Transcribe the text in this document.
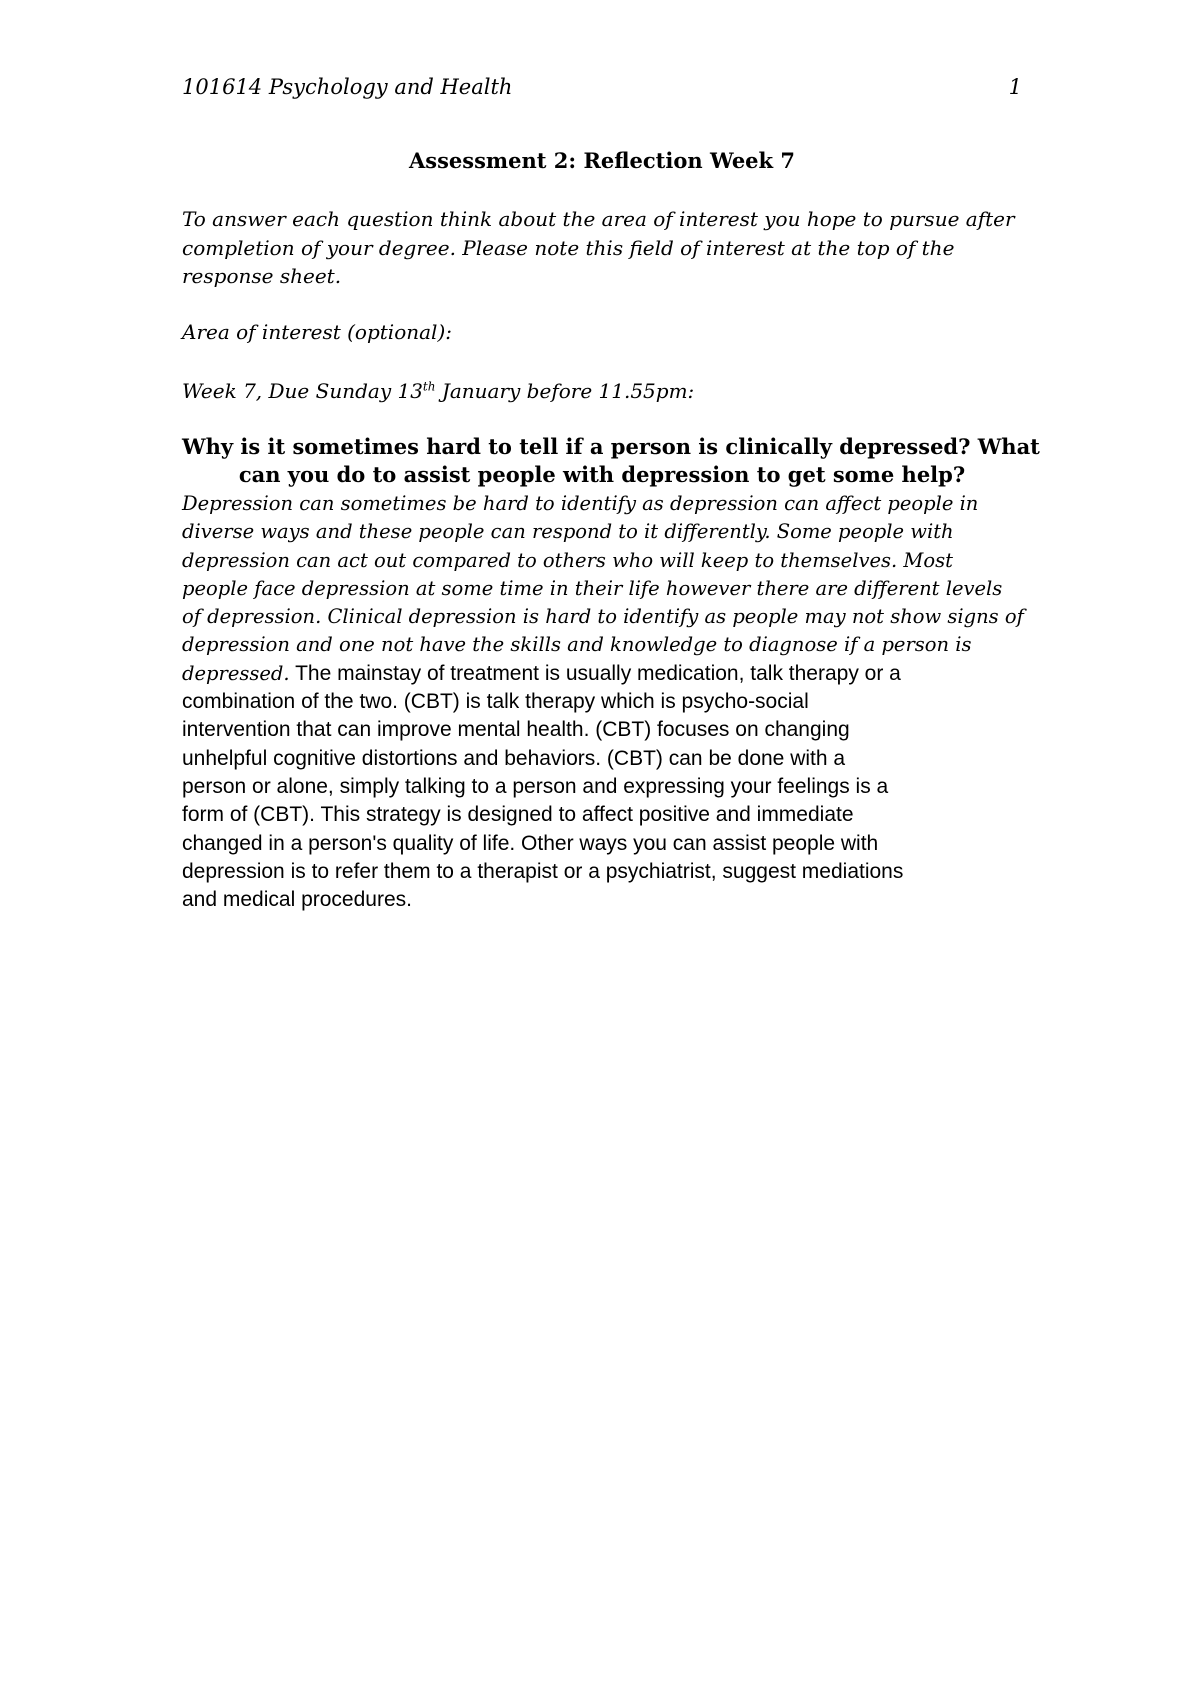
101614 Psychology and Health	1
Assessment 2: Reflection Week 7

To answer each question think about the area of interest you hope to pursue after
completion of your degree. Please note this field of interest at the top of the
response sheet.

Area of interest (optional):
Week 7, Due Sunday 13th January before 11.55pm:

Why is it sometimes hard to tell if a person is clinically depressed? What
can you do to assist people with depression to get some help?

Depression can sometimes be hard to identify as depression can affect people in
diverse ways and these people can respond to it differently. Some people with
depression can act out compared to others who will keep to themselves. Most
people face depression at some time in their life however there are different levels
of depression. Clinical depression is hard to identify as people may not show signs of
depression and one not have the skills and knowledge to diagnose if a person is
depressed. The mainstay of treatment is usually medication, talk therapy or a
combination of the two. (CBT) is talk therapy which is psycho-social
intervention that can improve mental health. (CBT) focuses on changing
unhelpful cognitive distortions and behaviors. (CBT) can be done with a
person or alone, simply talking to a person and expressing your feelings is a
form of (CBT). This strategy is designed to affect positive and immediate
changed in a person's quality of life. Other ways you can assist people with
depression is to refer them to a therapist or a psychiatrist, suggest mediations
and medical procedures.
